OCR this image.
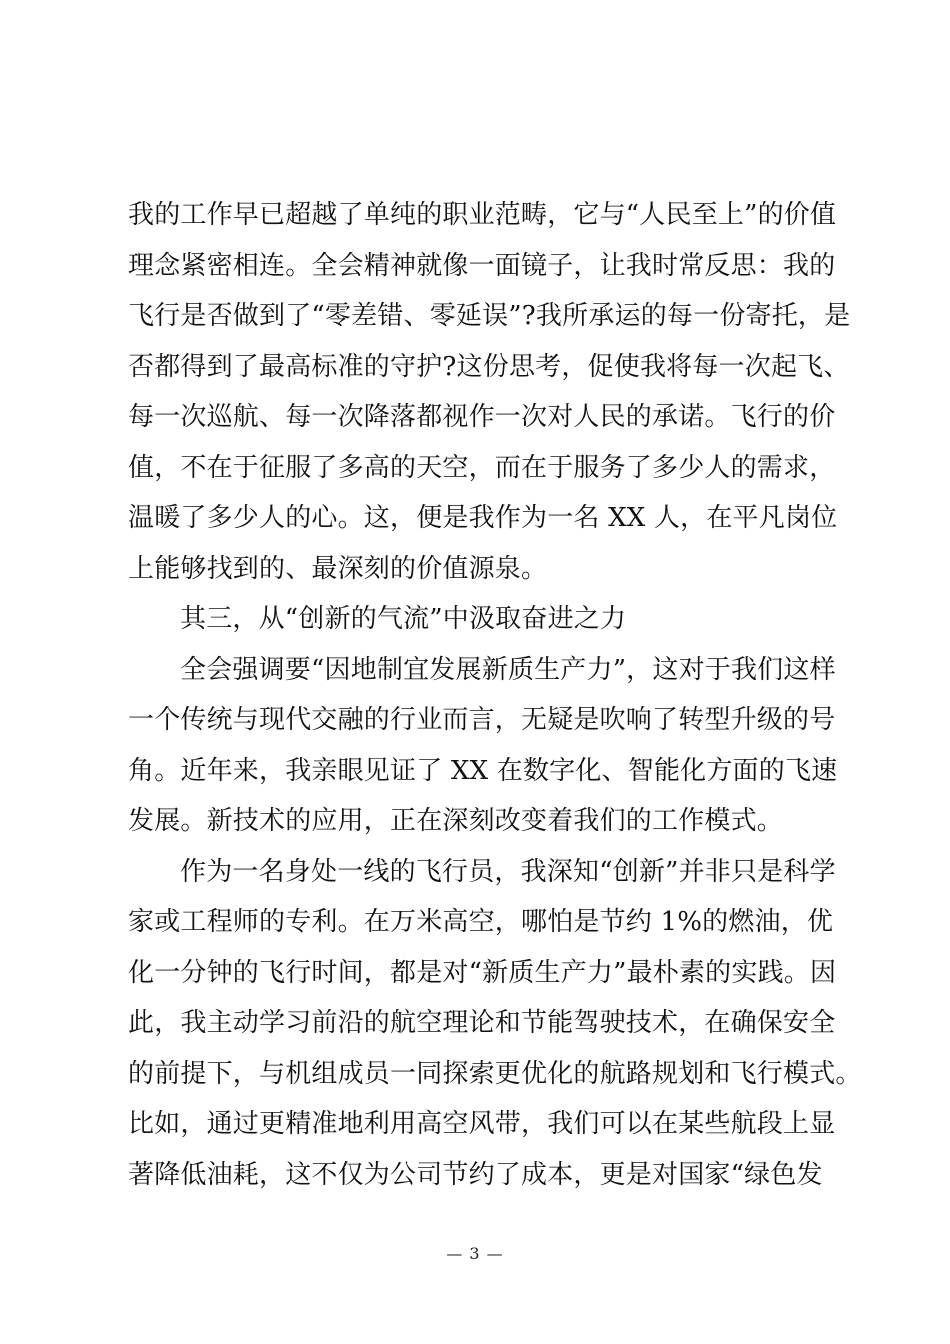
我的工作早已超越了单纯的职业范畴，它与“人民至上”的价值
理念紧密相连。全会精神就像一面镜子，让我时常反思：我的
飞行是否做到了“零差错、零延误”?我所承运的每一份寄托，是
否都得到了最高标准的守护?这份思考，促使我将每一次起飞、
每一次巡航、每一次降落都视作一次对人民的承诺。飞行的价
值，不在于征服了多高的天空，而在于服务了多少人的需求，
温暖了多少人的心。这，便是我作为一名 XX 人，在平凡岗位
上能够找到的、最深刻的价值源泉。
其三，从“创新的气流”中汲取奋进之力
全会强调要“因地制宜发展新质生产力”，这对于我们这样
一个传统与现代交融的行业而言，无疑是吹响了转型升级的号
角。近年来，我亲眼见证了 XX 在数字化、智能化方面的飞速
发展。新技术的应用，正在深刻改变着我们的工作模式。
作为一名身处一线的飞行员，我深知“创新”并非只是科学
家或工程师的专利。在万米高空，哪怕是节约 1%的燃油，优
化一分钟的飞行时间，都是对“新质生产力”最朴素的实践。因
此，我主动学习前沿的航空理论和节能驾驶技术，在确保安全
的前提下，与机组成员一同探索更优化的航路规划和飞行模式。
比如，通过更精准地利用高空风带，我们可以在某些航段上显
著降低油耗，这不仅为公司节约了成本，更是对国家“绿色发
— 3 —
